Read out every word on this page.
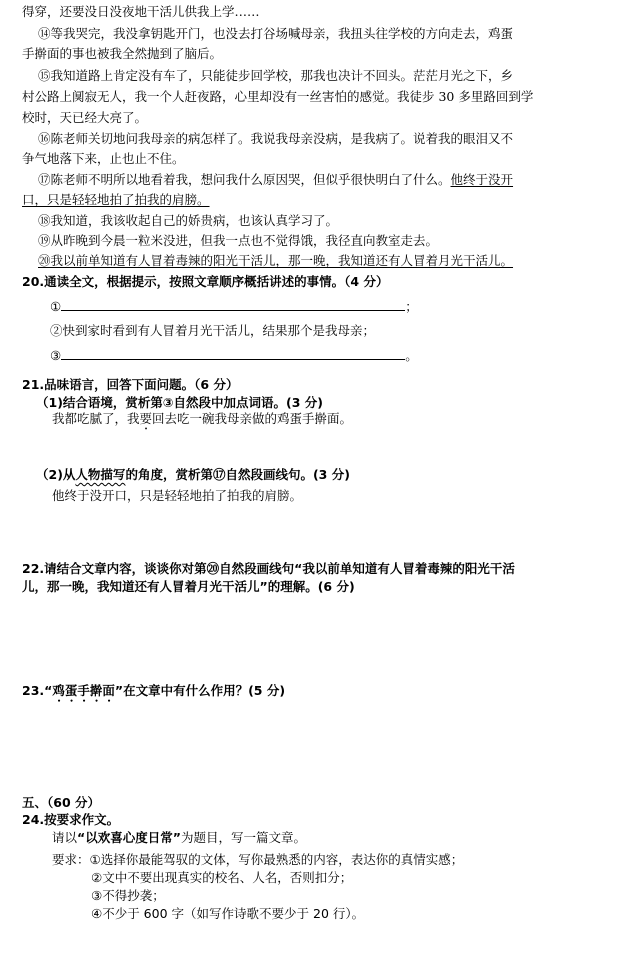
得穿，还要没日没夜地干活儿供我上学……
⑭等我哭完，我没拿钥匙开门，也没去打谷场喊母亲，我扭头往学校的方向走去，鸡蛋
手擀面的事也被我全然抛到了脑后。
⑮我知道路上肯定没有车了，只能徒步回学校，那我也决计不回头。茫茫月光之下，乡
村公路上阒寂无人，我一个人赶夜路，心里却没有一丝害怕的感觉。我徒步 30 多里路回到学
校时，天已经大亮了。
⑯陈老师关切地问我母亲的病怎样了。我说我母亲没病，是我病了。说着我的眼泪又不
争气地落下来，止也止不住。
⑰陈老师不明所以地看着我，想问我什么原因哭，但似乎很快明白了什么。他终于没开
口，只是轻轻地拍了拍我的肩膀。
⑱我知道，我该收起自己的娇贵病，也该认真学习了。
⑲从昨晚到今晨一粒米没进，但我一点也不觉得饿，我径直向教室走去。
⑳我以前单知道有人冒着毒辣的阳光干活儿，那一晚，我知道还有人冒着月光干活儿。
20.通读全文，根据提示，按照文章顺序概括讲述的事情。（4 分）
①	；
②快到家时看到有人冒着月光干活儿，结果那个是我母亲；
③	。
21.品味语言，回答下面问题。（6 分）
（1)结合语境，赏析第③自然段中加点词语。(3 分)
我都吃腻了，我要回去吃一碗我母亲做的鸡蛋手擀面。
（2)从人物描写的角度，赏析第⑰自然段画线句。(3 分)
他终于没开口，只是轻轻地拍了拍我的肩膀。
22.请结合文章内容，谈谈你对第⑳自然段画线句“我以前单知道有人冒着毒辣的阳光干活
儿，那一晚，我知道还有人冒着月光干活儿”的理解。(6 分)
23.“鸡蛋手擀面”在文章中有什么作用？(5 分)
五、（60 分）
24.按要求作文。
请以“以欢喜心度日常”为题目，写一篇文章。
要求：①选择你最能驾驭的文体，写你最熟悉的内容，表达你的真情实感；
②文中不要出现真实的校名、人名，否则扣分；
③不得抄袭；
④不少于 600 字（如写作诗歌不要少于 20 行）。
